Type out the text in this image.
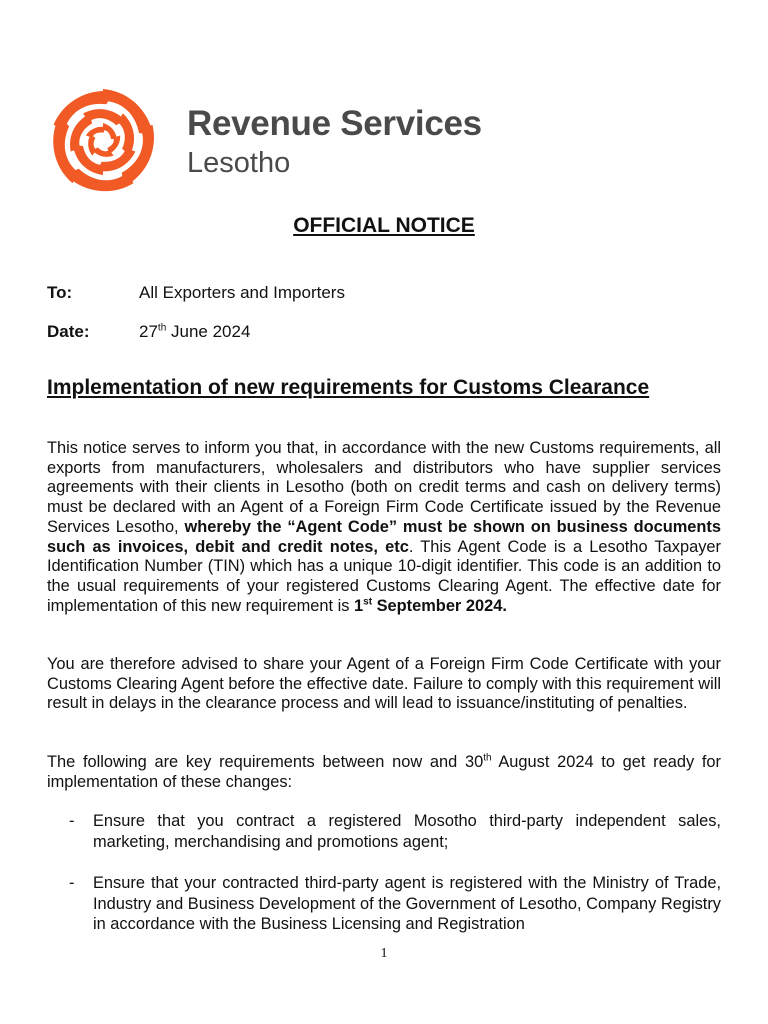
Revenue Services
Lesotho
OFFICIAL NOTICE
To:	All Exporters and Importers
Date:	27th June 2024
Implementation of new requirements for Customs Clearance
This notice serves to inform you that, in accordance with the new Customs requirements, all exports from manufacturers, wholesalers and distributors who have supplier services agreements with their clients in Lesotho (both on credit terms and cash on delivery terms) must be declared with an Agent of a Foreign Firm Code Certificate issued by the Revenue Services Lesotho, whereby the “Agent Code” must be shown on business documents such as invoices, debit and credit notes, etc. This Agent Code is a Lesotho Taxpayer Identification Number (TIN) which has a unique 10-digit identifier. This code is an addition to the usual requirements of your registered Customs Clearing Agent. The effective date for implementation of this new requirement is 1st September 2024.
You are therefore advised to share your Agent of a Foreign Firm Code Certificate with your Customs Clearing Agent before the effective date. Failure to comply with this requirement will result in delays in the clearance process and will lead to issuance/instituting of penalties.
The following are key requirements between now and 30th August 2024 to get ready for implementation of these changes:
- Ensure that you contract a registered Mosotho third-party independent sales, marketing, merchandising and promotions agent;
- Ensure that your contracted third-party agent is registered with the Ministry of Trade, Industry and Business Development of the Government of Lesotho, Company Registry in accordance with the Business Licensing and Registration
1
